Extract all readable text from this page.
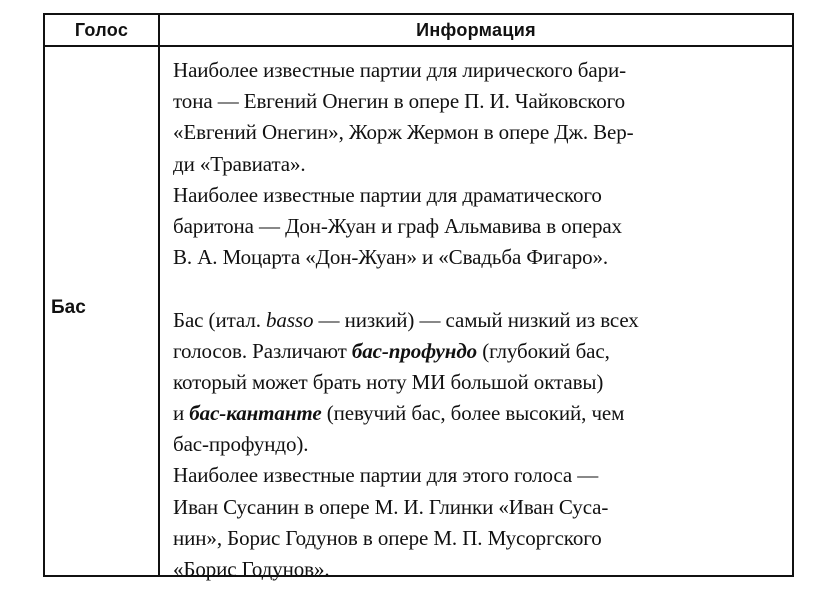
Голос	Информация
Бас
Наиболее известные партии для лирического бари-
тона — Евгений Онегин в опере П. И. Чайковского
«Евгений Онегин», Жорж Жермон в опере Дж. Вер-
ди «Травиата».
Наиболее известные партии для драматического
баритона — Дон-Жуан и граф Альмавива в операх
В. А. Моцарта «Дон-Жуан» и «Свадьба Фигаро».
Бас (итал. basso — низкий) — самый низкий из всех
голосов. Различают бас-профундо (глубокий бас,
который может брать ноту МИ большой октавы)
и бас-кантанте (певучий бас, более высокий, чем
бас-профундо).
Наиболее известные партии для этого голоса —
Иван Сусанин в опере М. И. Глинки «Иван Суса-
нин», Борис Годунов в опере М. П. Мусоргского
«Борис Годунов».
